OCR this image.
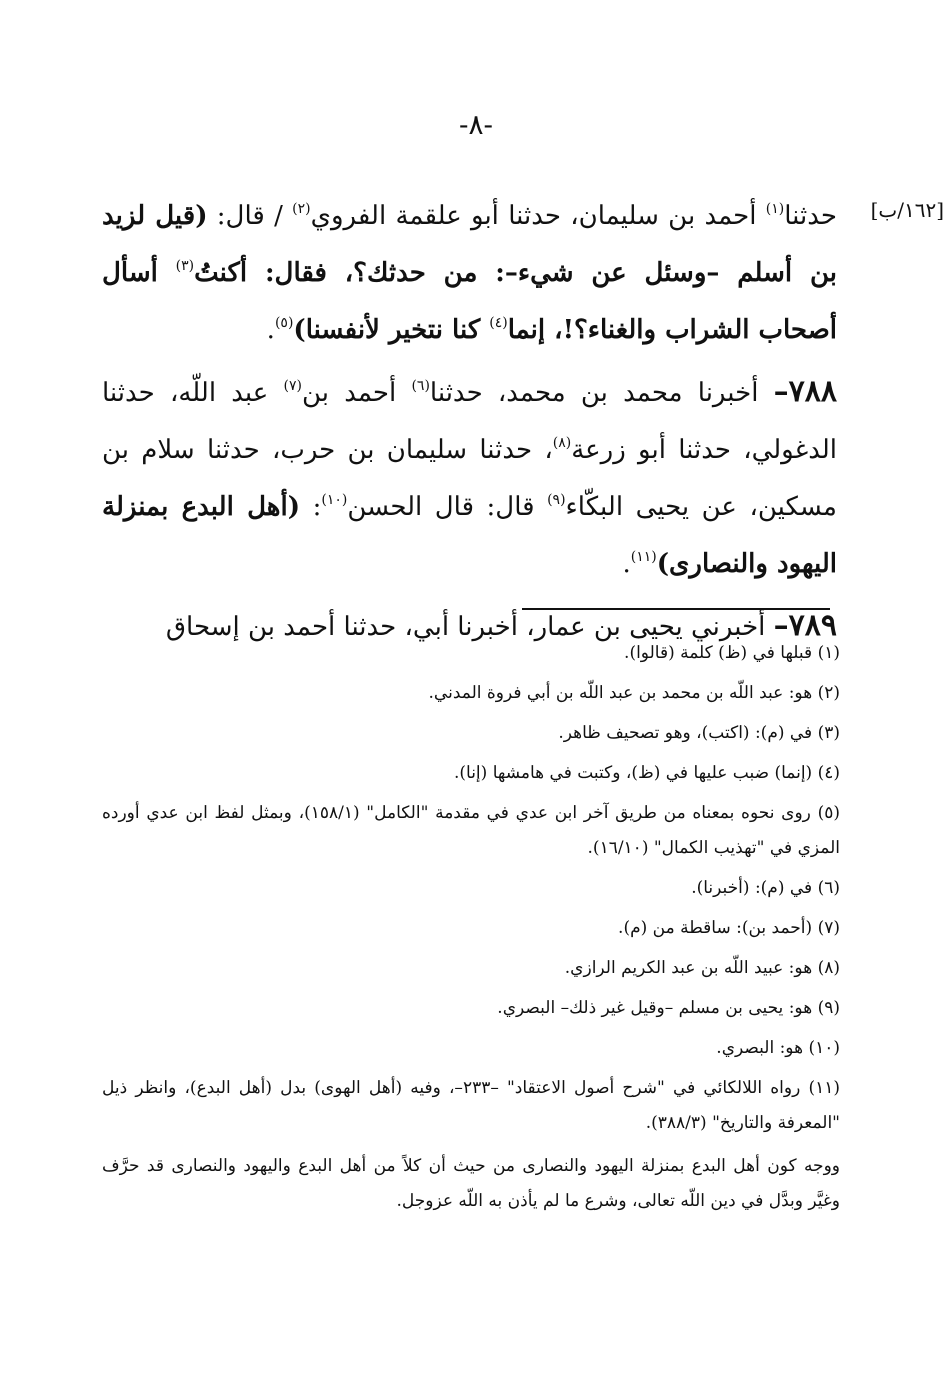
-٨-
[١٦٢/ب]

حدثنا$^{(١)}$ أحمد بن سليمان، حدثنا أبو علقمة الفروي$^{(٢)}$ / قال: (قيل لزيد بن أسلم –وسئل عن شيء–: من حدثك؟، فقال: أكنتُ$^{(٣)}$ أسأل أصحاب الشراب والغناء؟!، إنما$^{(٤)}$ كنا نتخير لأنفسنا)$^{(٥)}$.

٧٨٨– أخبرنا محمد بن محمد، حدثنا$^{(٦)}$ أحمد بن$^{(٧)}$ عبد اللّه، حدثنا الدغولي، حدثنا أبو زرعة$^{(٨)}$، حدثنا سليمان بن حرب، حدثنا سلام بن مسكين، عن يحيى البكّاء$^{(٩)}$ قال: قال الحسن$^{(١٠)}$: (أهل البدع بمنزلة اليهود والنصارى)$^{(١١)}$.

٧٨٩– أخبرني يحيى بن عمار، أخبرنا أبي، حدثنا أحمد بن إسحاق

(١) قبلها في (ظ) كلمة (قالوا).

(٢) هو: عبد اللّه بن محمد بن عبد اللّه بن أبي فروة المدني.

(٣) في (م): (اكتب)، وهو تصحيف ظاهر.

(٤) (إنما) ضبب عليها في (ظ)، وكتبت في هامشها (إنا).

(٥) روى نحوه بمعناه من طريق آخر ابن عدي في مقدمة "الكامل" (١٥٨/١)، وبمثل لفظ ابن عدي أورده المزي في "تهذيب الكمال" (١٦/١٠).

(٦) في (م): (أخبرنا).

(٧) (أحمد بن): ساقطة من (م).

(٨) هو: عبيد اللّه بن عبد الكريم الرازي.

(٩) هو: يحيى بن مسلم –وقيل غير ذلك– البصري.

(١٠) هو: البصري.

(١١) رواه اللالكائي في "شرح أصول الاعتقاد" –٢٣٣–، وفيه (أهل الهوى) بدل (أهل البدع)، وانظر ذيل "المعرفة والتاريخ" (٣٨٨/٣).

ووجه كون أهل البدع بمنزلة اليهود والنصارى من حيث أن كلاً من أهل البدع واليهود والنصارى قد حرَّف وغيَّر وبدَّل في دين اللّه تعالى، وشرع ما لم يأذن به اللّه عزوجل.
